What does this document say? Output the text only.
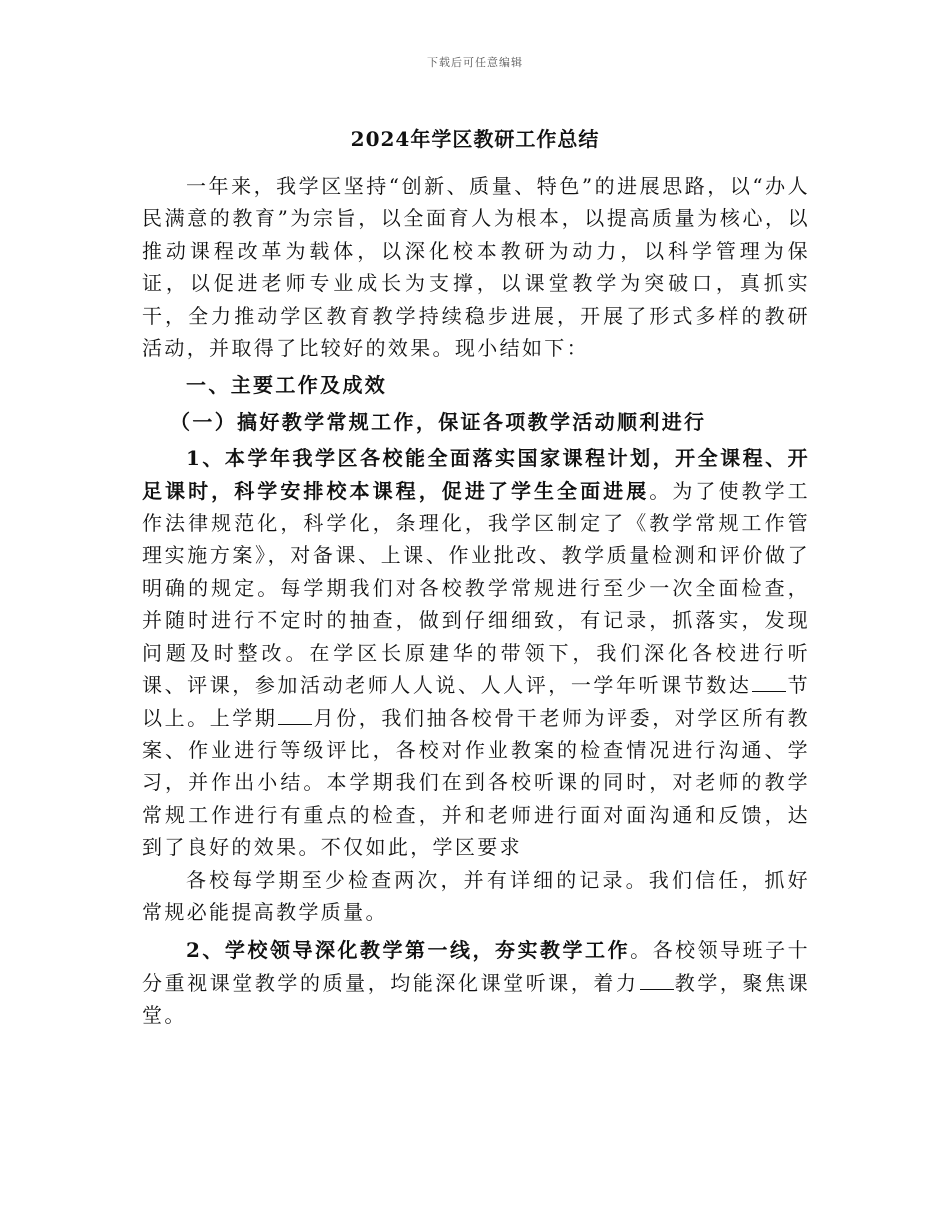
下载后可任意编辑
2024年学区教研工作总结

一年来，我学区坚持“创新、质量、特色”的进展思路，以“办人民满意的教育”为宗旨，以全面育人为根本，以提高质量为核心，以推动课程改革为载体，以深化校本教研为动力，以科学管理为保证，以促进老师专业成长为支撑，以课堂教学为突破口，真抓实干，全力推动学区教育教学持续稳步进展，开展了形式多样的教研活动，并取得了比较好的效果。现小结如下：

一、主要工作及成效

（一）搞好教学常规工作，保证各项教学活动顺利进行

1、本学年我学区各校能全面落实国家课程计划，开全课程、开足课时，科学安排校本课程，促进了学生全面进展。为了使教学工作法律规范化，科学化，条理化，我学区制定了《教学常规工作管理实施方案》，对备课、上课、作业批改、教学质量检测和评价做了明确的规定。每学期我们对各校教学常规进行至少一次全面检查，并随时进行不定时的抽查，做到仔细细致，有记录，抓落实，发现问题及时整改。在学区长原建华的带领下，我们深化各校进行听课、评课，参加活动老师人人说、人人评，一学年听课节数达 节以上。上学期 月份，我们抽各校骨干老师为评委，对学区所有教案、作业进行等级评比，各校对作业教案的检查情况进行沟通、学习，并作出小结。本学期我们在到各校听课的同时，对老师的教学常规工作进行有重点的检查，并和老师进行面对面沟通和反馈，达到了良好的效果。不仅如此，学区要求

各校每学期至少检查两次，并有详细的记录。我们信任，抓好常规必能提高教学质量。

2、学校领导深化教学第一线，夯实教学工作。各校领导班子十分重视课堂教学的质量，均能深化课堂听课，着力 教学，聚焦课堂。
